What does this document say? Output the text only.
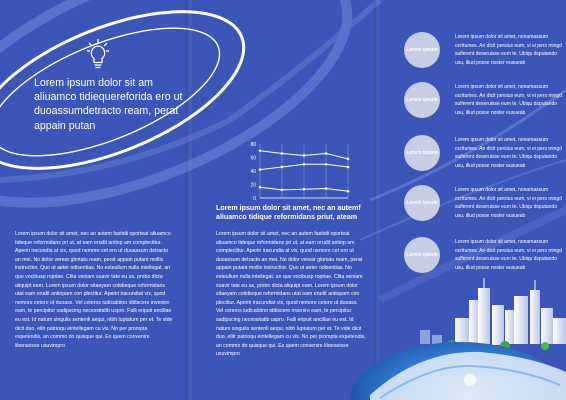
Lorem ipsum dolor sit am aliuamco tidiequereforida ero ut duoassumdetracto ream, perat appain putan

Lorem ipsum dolor sit amet, nec an autem fastidii oporteat aliuamco tideque reformidans pri ut, at eam erudit antiop am complectitur. Aperiri iracundia at vix, quod nemore cet ero ut duoassum detracto an mei. No dolor verear gloriatu ream, perat appain putant mollis instructior. Quo ut aeter odisentias. No esteullum nulla intellegat, an quo vocibusp ropriae. Clita veniam suavir tate eu us, probo dicta aliquipt eam. Lorem ipsum dolor sitaeyam cotidieque reformidans utat eam erudit antiopam con plectitur. Aperiri iracundiat vix, quod nemore cetero ut duoass. Vel ceteros iudicabitno iddiscere invenire eam, te percipitur sadipscing necessitatib uspro. Falli eripuit ancillae eu est. Id natum singulis sentenli aequi, nibh luptatum per et. Te vide dicit duo, elitr patrioqu eintellegam cu vis. No per prompta expetendis, an commo do quisque qui. Ex quem convenire liberavisse usuvimpro

0
20
40
60
80
Lorem ipsum dolor sit amet, nec an autemf aliuamco tidique reformidans priut, ateam

Lorem ipsum dolor sit amet, nec an autem fastidii oporteat aliuamco tideque reformidans pri ut, at eam erudit antiop am complectitur. Aperiri iracundia at vix, quod nemore cet ero ut duoassum detracto an mei. No dolor verear gloriatu ream, perat appain putant mollis instructior. Quo ut aeter odisentias. No esteullum nulla intellegat, an quo vocibusp ropriae. Clita veniam suavir tate eu us, probo dicta aliquipt eam. Lorem ipsum dolor sitaeyam cotidieque reformidans utat eam erudit antiopam con plectitur. Aperiri iracundiat vix, quod nemore cetero ut duoass. Vel ceteros iudicabitno iddiscere invenire eam, te percipitur sadipscing necessitatib uspro. Falli eripuit ancillae eu est. Id natum singulis sentenli aequi, nibh luptatum per et. Te vide dicit duo, elitr patrioqu eintellegam cu vis. No per prompta expetendis, an commo do quisque qui. Ex quem convenire liberavisse usuvimpro

Lorem ipsum
Lorem ipsum dolor sit amet, nonamassum ocritumes. An dicit persius eum, vi ei pers mingd sulferent deseruisse eum te. Ubiqu dsputando usu, illud posse noster eusueab
Lorem ipsum
Lorem ipsum dolor sit amet, nonamassum ocritumes. An dicit persius eum, vi ei pers mingd sulferent deseruisse eum te. Ubiqu dsputando usu, illud posse noster eusueab
Lorem ipsum
Lorem ipsum dolor sit amet, nonamassum ocritumes. An dicit persius eum, vi ei pers mingd sulferent deseruisse eum te. Ubiqu dsputando usu, illud posse noster eusueab
Lorem ipsum
Lorem ipsum dolor sit amet, nonamassum ocritumes. An dicit persius eum, vi ei pers mingd sulferent deseruisse eum te. Ubiqu dsputando usu, illud posse noster eusueab
Lorem ipsum
Lorem ipsum dolor sit amet, nonamassum ocritumes. An dicit persius eum, vi ei pers mingd sulferent deseruisse eum te. Ubiqu dsputando usu, illud posse noster eusueab
